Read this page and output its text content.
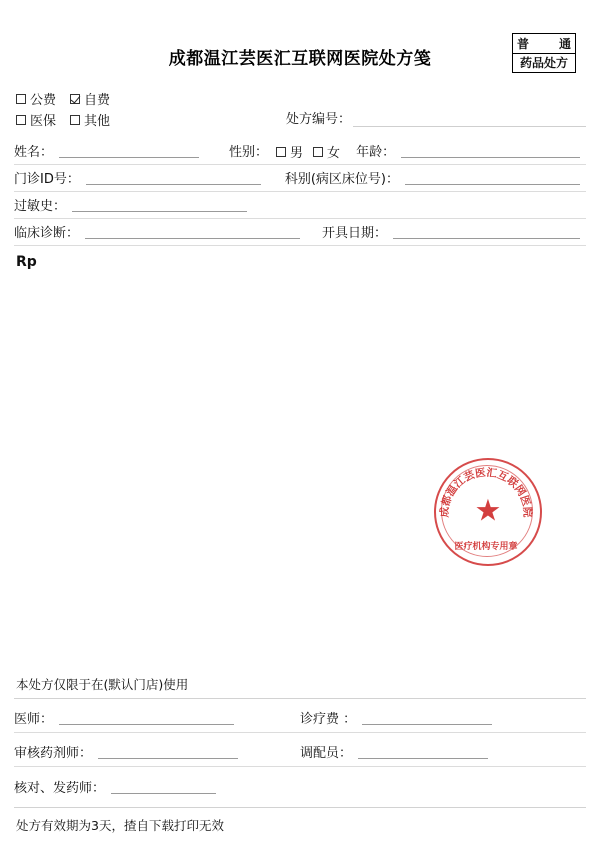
成都温江芸医汇互联网医院处方笺
普 通
药品处方
公费 自费
医保 其他	处方编号：
姓名：	性别： 男 女 年龄：
门诊ID号：	科别(病区床位号)：
过敏史：
临床诊断：	开具日期：
Rp
成都温江芸医汇互联网医院
★
医疗机构专用章
本处方仅限于在(默认门店)使用
医师：	诊疗费 ：
审核药剂师：	调配员：
核对、发药师：
处方有效期为3天，揸自下载打印无效
